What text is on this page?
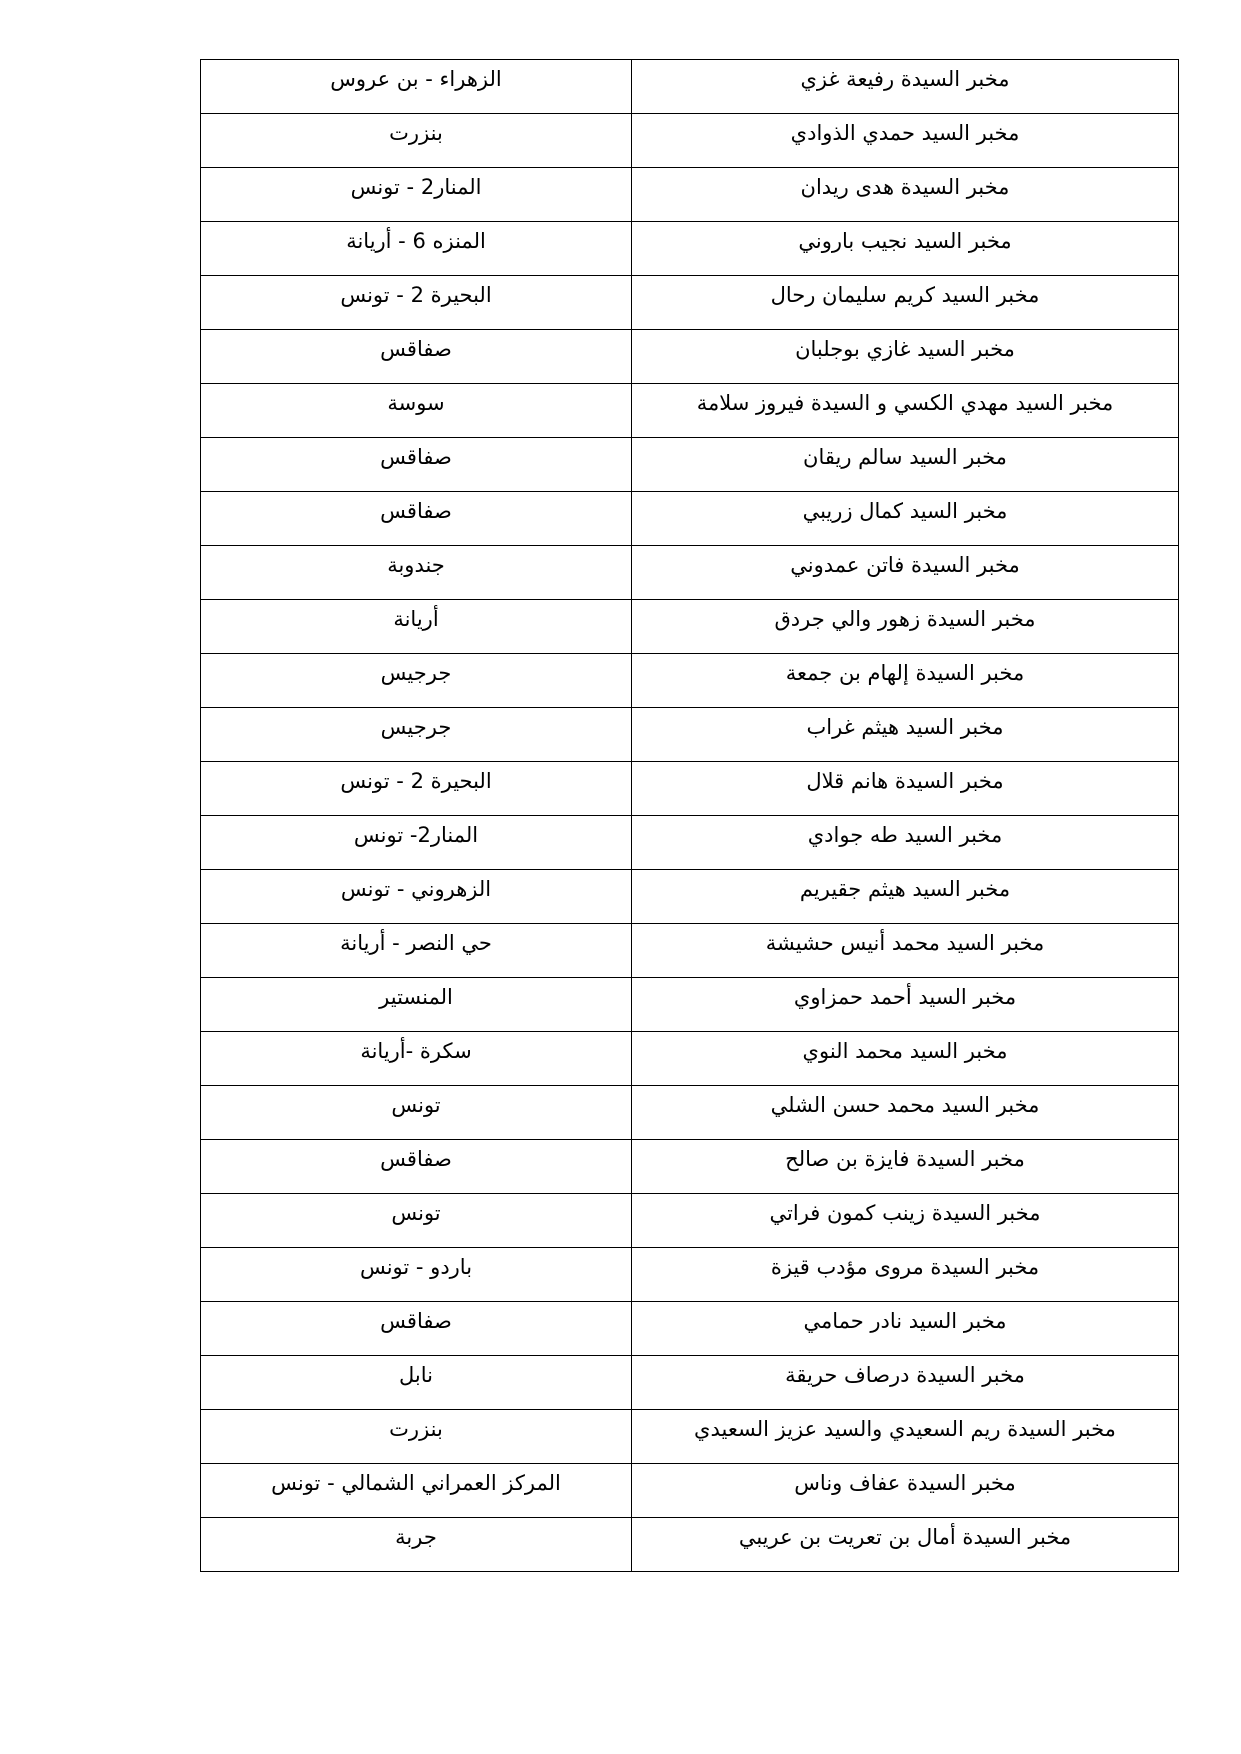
مخبر السيدة رفيعة غزي	الزهراء - بن عروس
مخبر السيد حمدي الذوادي	بنزرت
مخبر السيدة هدى ريدان	المنار2 - تونس
مخبر السيد نجيب باروني	المنزه 6 - أريانة
مخبر السيد كريم سليمان رحال	البحيرة 2 - تونس
مخبر السيد غازي بوجلبان	صفاقس
مخبر السيد مهدي الكسي و السيدة فيروز سلامة	سوسة
مخبر السيد سالم ريقان	صفاقس
مخبر السيد كمال زريبي	صفاقس
مخبر السيدة فاتن عمدوني	جندوبة
مخبر السيدة زهور والي جردق	أريانة
مخبر السيدة إلهام بن جمعة	جرجيس
مخبر السيد هيثم غراب	جرجيس
مخبر السيدة هانم قلال	البحيرة 2 - تونس
مخبر السيد طه جوادي	المنار2- تونس
مخبر السيد هيثم جقيريم	الزهروني - تونس
مخبر السيد محمد أنيس حشيشة	حي النصر - أريانة
مخبر السيد أحمد حمزاوي	المنستير
مخبر السيد محمد النوي	سكرة -أريانة
مخبر السيد محمد حسن الشلي	تونس
مخبر السيدة فايزة بن صالح	صفاقس
مخبر السيدة زينب كمون فراتي	تونس
مخبر السيدة مروى مؤدب قيزة	باردو - تونس
مخبر السيد نادر حمامي	صفاقس
مخبر السيدة درصاف حريقة	نابل
مخبر السيدة ريم السعيدي والسيد عزيز السعيدي	بنزرت
مخبر السيدة عفاف وناس	المركز العمراني الشمالي - تونس
مخبر السيدة أمال بن تعريت بن عريبي	جربة
